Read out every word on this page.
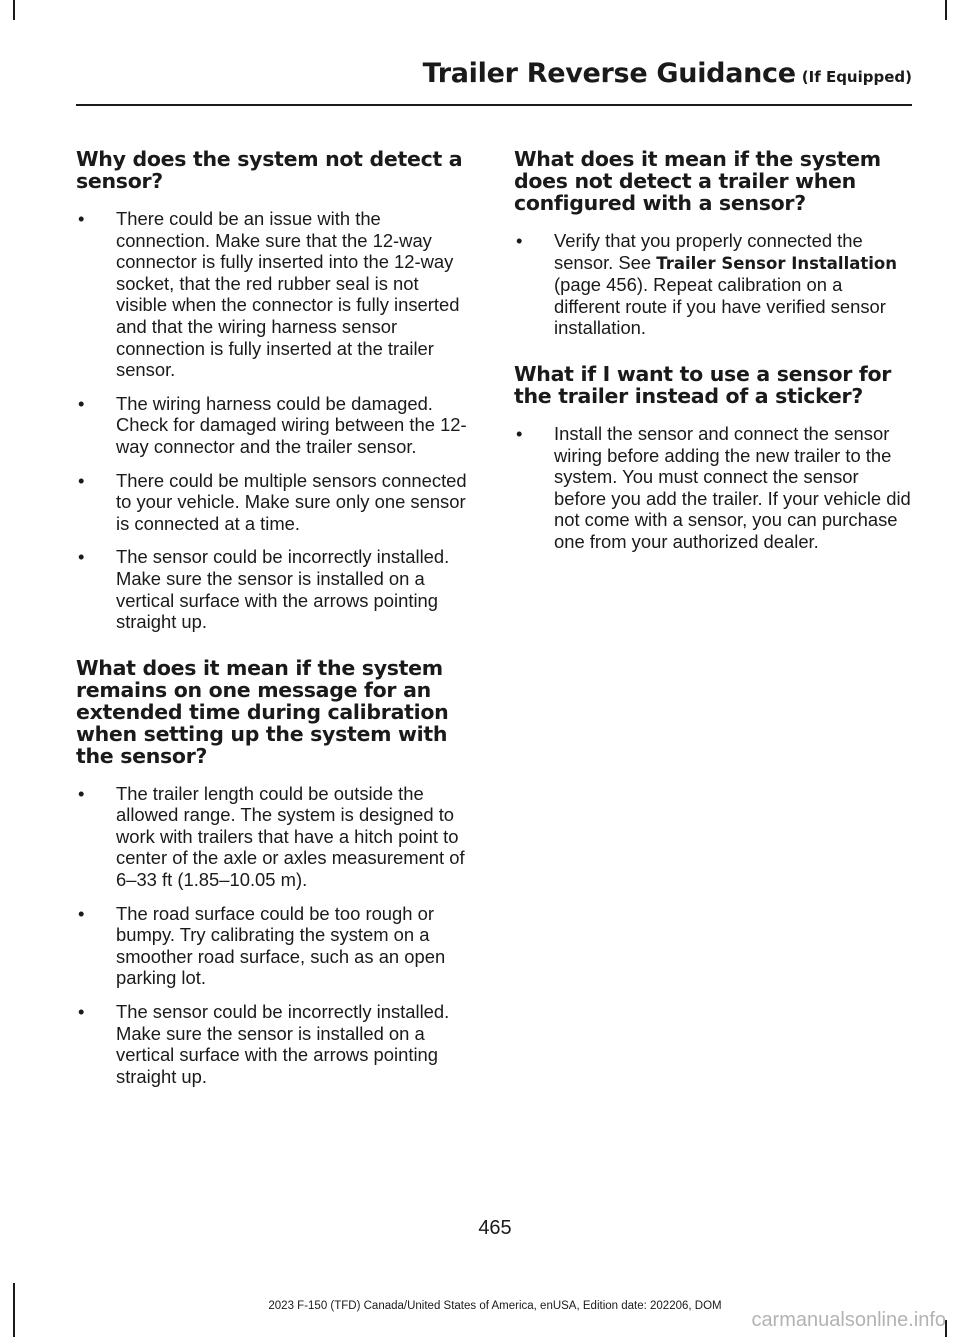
Trailer Reverse Guidance (If Equipped)
Why does the system not detect a sensor?
• There could be an issue with the connection. Make sure that the 12-way connector is fully inserted into the 12-way socket, that the red rubber seal is not visible when the connector is fully inserted and that the wiring harness sensor connection is fully inserted at the trailer sensor.
• The wiring harness could be damaged. Check for damaged wiring between the 12-way connector and the trailer sensor.
• There could be multiple sensors connected to your vehicle. Make sure only one sensor is connected at a time.
• The sensor could be incorrectly installed. Make sure the sensor is installed on a vertical surface with the arrows pointing straight up.
What does it mean if the system remains on one message for an extended time during calibration when setting up the system with the sensor?
• The trailer length could be outside the allowed range. The system is designed to work with trailers that have a hitch point to center of the axle or axles measurement of 6–33 ft (1.85–10.05 m).
• The road surface could be too rough or bumpy. Try calibrating the system on a smoother road surface, such as an open parking lot.
• The sensor could be incorrectly installed. Make sure the sensor is installed on a vertical surface with the arrows pointing straight up.
What does it mean if the system does not detect a trailer when configured with a sensor?
• Verify that you properly connected the sensor. See Trailer Sensor Installation (page 456). Repeat calibration on a different route if you have verified sensor installation.
What if I want to use a sensor for the trailer instead of a sticker?
• Install the sensor and connect the sensor wiring before adding the new trailer to the system. You must connect the sensor before you add the trailer. If your vehicle did not come with a sensor, you can purchase one from your authorized dealer.
465
2023 F-150 (TFD) Canada/United States of America, enUSA, Edition date: 202206, DOM
carmanualsonline.info
